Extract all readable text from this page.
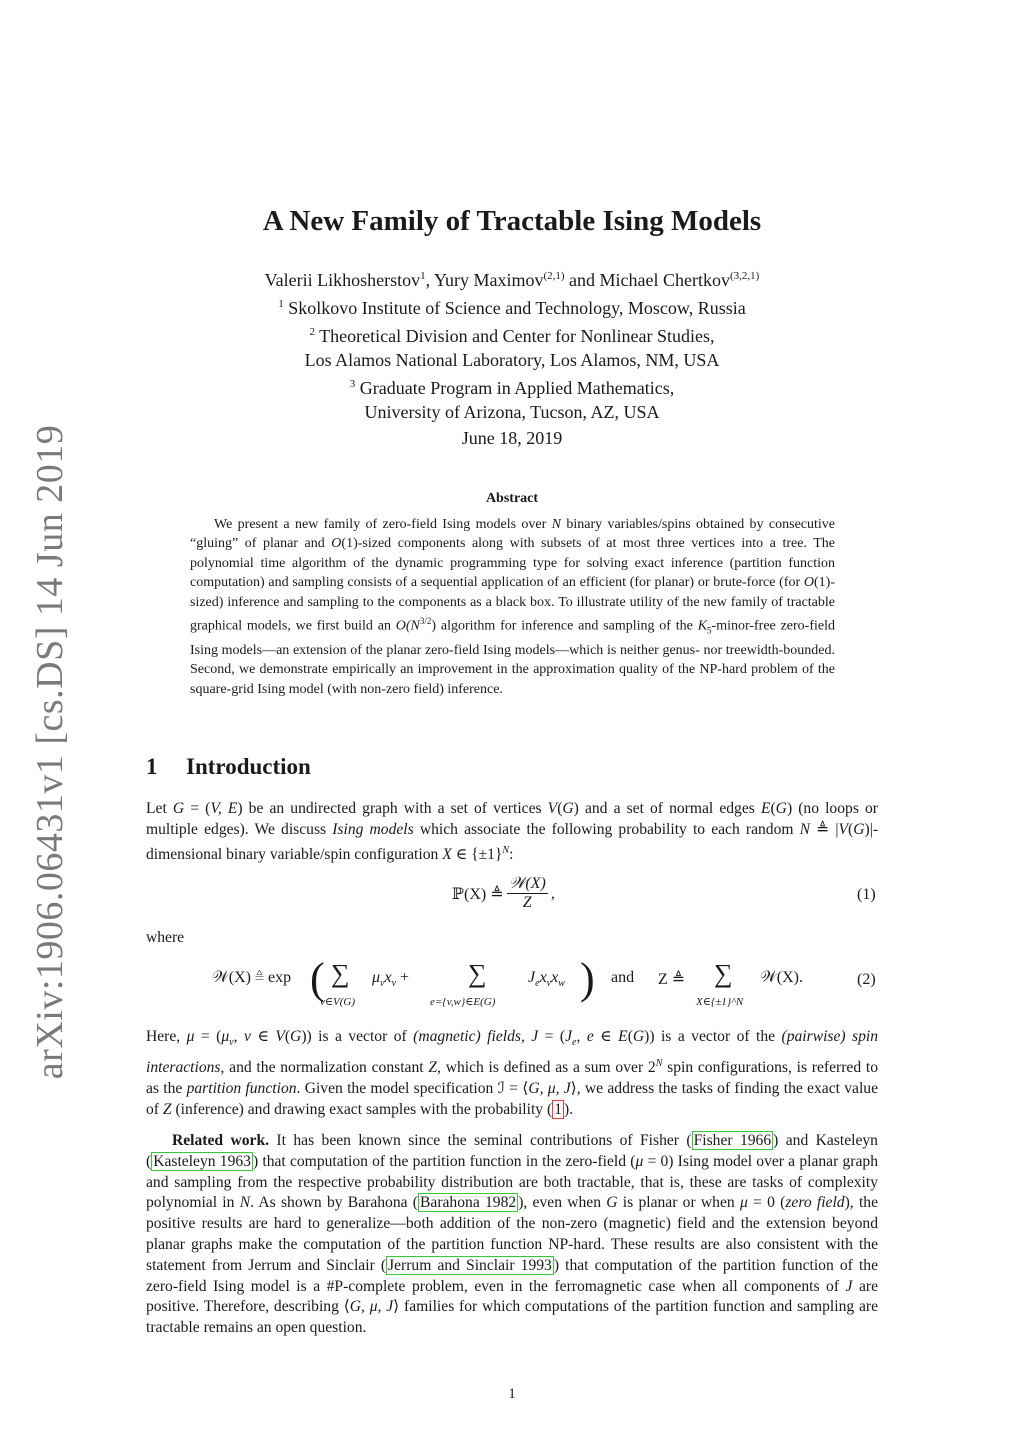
arXiv:1906.06431v1 [cs.DS] 14 Jun 2019
A New Family of Tractable Ising Models
Valerii Likhosherstov$^1$, Yury Maximov$^{(2,1)}$ and Michael Chertkov$^{(3,2,1)}$
$^1$ Skolkovo Institute of Science and Technology, Moscow, Russia
$^2$ Theoretical Division and Center for Nonlinear Studies,
Los Alamos National Laboratory, Los Alamos, NM, USA
$^3$ Graduate Program in Applied Mathematics,
University of Arizona, Tucson, AZ, USA
June 18, 2019
Abstract
We present a new family of zero-field Ising models over N binary variables/spins obtained by consecutive “gluing” of planar and O(1)-sized components along with subsets of at most three vertices into a tree. The polynomial time algorithm of the dynamic programming type for solving exact inference (partition function computation) and sampling consists of a sequential application of an efficient (for planar) or brute-force (for O(1)-sized) inference and sampling to the components as a black box. To illustrate utility of the new family of tractable graphical models, we first build an $O(N^{3/2})$ algorithm for inference and sampling of the $K_5-minor$-free zero-field Ising models—an extension of the planar zero-field Ising models—which is neither genus- nor treewidth-bounded. Second, we demonstrate empirically an improvement in the approximation quality of the NP-hard problem of the square-grid Ising model (with non-zero field) inference.
1 Introduction
Let G = (V, E) be an undirected graph with a set of vertices V(G) and a set of normal edges E(G) (no loops or multiple edges). We discuss Ising models which associate the following probability to each random N ≜ |V(G)|-dimensional binary variable/spin configuration X ∈ $\{\pm 1\}^N$:
ℙ(X) ≜ $\frac{\text{𝒲(X)}}{Z}$ ,	(1)
where
𝒲(X) ≜ exp ( ∑
v∈V(G)
$\mu_vx_v$ + ∑
e={v,w}∈E(G)
$J_ex_vx_w$ ) and Z ≜ ∑
X∈{±1}^N
𝒲(X).	(2)
Here, $\mu = (\mu_v$, v ∈ V(G)) is a vector of (magnetic) fields, $J = (J_e$, e ∈ E(G)) is a vector of the (pairwise) spin interactions, and the normalization constant Z, which is defined as a sum over $2^N$ spin configurations, is referred to as the partition function. Given the model specification ℐ = ⟨G, μ, J⟩, we address the tasks of finding the exact value of Z (inference) and drawing exact samples with the probability ( 1 ).
Related work. It has been known since the seminal contributions of Fisher ( Fisher 1966 ) and Kasteleyn ( Kasteleyn 1963 ) that computation of the partition function in the zero-field (μ = 0) Ising model over a planar graph and sampling from the respective probability distribution are both tractable, that is, these are tasks of complexity polynomial in N. As shown by Barahona ( Barahona 1982 ), even when G is planar or when μ = 0 (zero field), the positive results are hard to generalize—both addition of the non-zero (magnetic) field and the extension beyond planar graphs make the computation of the partition function NP-hard. These results are also consistent with the statement from Jerrum and Sinclair ( Jerrum and Sinclair 1993 ) that computation of the partition function of the zero-field Ising model is a #P-complete problem, even in the ferromagnetic case when all components of J are positive. Therefore, describing ⟨G, μ, J⟩ families for which computations of the partition function and sampling are tractable remains an open question.
1
